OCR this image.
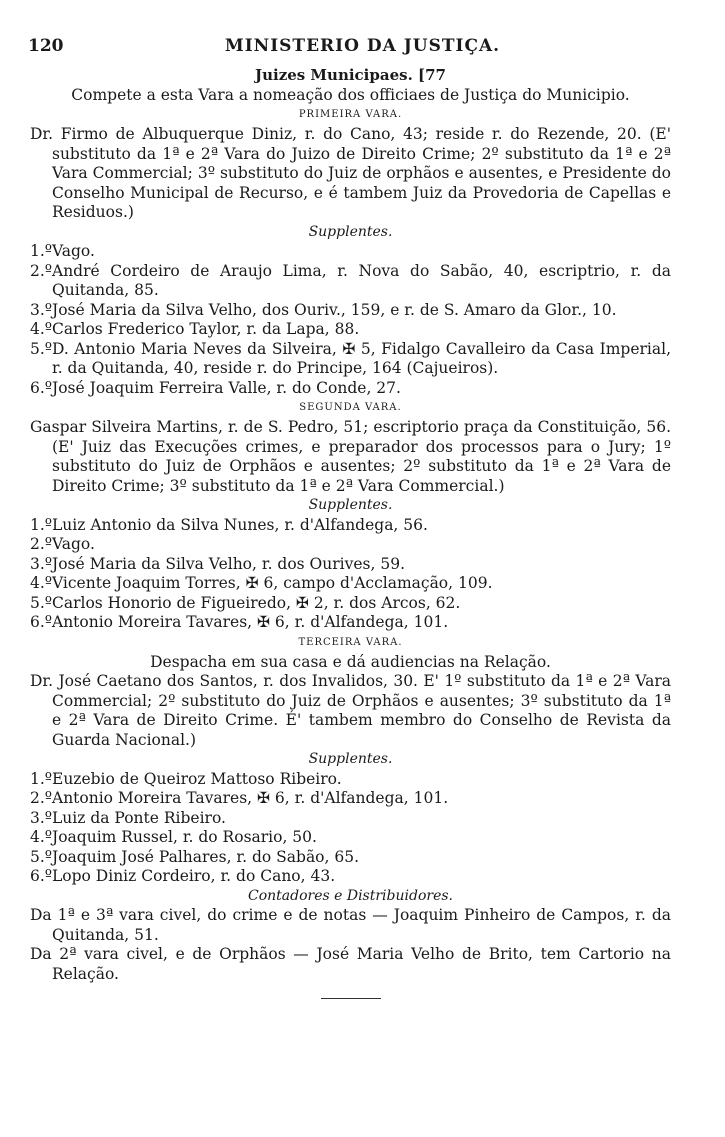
120	MINISTERIO DA JUSTIÇA.
Juizes Municipaes. [77
Compete a esta Vara a nomeação dos officiaes de Justiça do Municipio.
PRIMEIRA VARA.
Dr. Firmo de Albuquerque Diniz, r. do Cano, 43; reside r. do Rezende, 20. (E' substituto da 1ª e 2ª Vara do Juizo de Direito Crime; 2º substituto da 1ª e 2ª Vara Commercial; 3º substituto do Juiz de orphãos e ausentes, e Presidente do Conselho Municipal de Recurso, e é tambem Juiz da Provedoria de Capellas e Residuos.)
Supplentes.
1.ºVago.
2.ºAndré Cordeiro de Araujo Lima, r. Nova do Sabão, 40, escriptrio, r. da Quitanda, 85.
3.ºJosé Maria da Silva Velho, dos Ouriv., 159, e r. de S. Amaro da Glor., 10.
4.ºCarlos Frederico Taylor, r. da Lapa, 88.
5.ºD. Antonio Maria Neves da Silveira, ✠ 5, Fidalgo Cavalleiro da Casa Imperial, r. da Quitanda, 40, reside r. do Principe, 164 (Cajueiros).
6.ºJosé Joaquim Ferreira Valle, r. do Conde, 27.
SEGUNDA VARA.
Gaspar Silveira Martins, r. de S. Pedro, 51; escriptorio praça da Constituição, 56. (E' Juiz das Execuções crimes, e preparador dos processos para o Jury; 1º substituto do Juiz de Orphãos e ausentes; 2º substituto da 1ª e 2ª Vara de Direito Crime; 3º substituto da 1ª e 2ª Vara Commercial.)
Supplentes.
1.ºLuiz Antonio da Silva Nunes, r. d'Alfandega, 56.
2.ºVago.
3.ºJosé Maria da Silva Velho, r. dos Ourives, 59.
4.ºVicente Joaquim Torres, ✠ 6, campo d'Acclamação, 109.
5.ºCarlos Honorio de Figueiredo, ✠ 2, r. dos Arcos, 62.
6.ºAntonio Moreira Tavares, ✠ 6, r. d'Alfandega, 101.
TERCEIRA VARA.
Despacha em sua casa e dá audiencias na Relação.
Dr. José Caetano dos Santos, r. dos Invalidos, 30. E' 1º substituto da 1ª e 2ª Vara Commercial; 2º substituto do Juiz de Orphãos e ausentes; 3º substituto da 1ª e 2ª Vara de Direito Crime. É' tambem membro do Conselho de Revista da Guarda Nacional.)
Supplentes.
1.ºEuzebio de Queiroz Mattoso Ribeiro.
2.ºAntonio Moreira Tavares, ✠ 6, r. d'Alfandega, 101.
3.ºLuiz da Ponte Ribeiro.
4.ºJoaquim Russel, r. do Rosario, 50.
5.ºJoaquim José Palhares, r. do Sabão, 65.
6.ºLopo Diniz Cordeiro, r. do Cano, 43.
Contadores e Distribuidores.
Da 1ª e 3ª vara civel, do crime e de notas — Joaquim Pinheiro de Campos, r. da Quitanda, 51.
Da 2ª vara civel, e de Orphãos — José Maria Velho de Brito, tem Cartorio na Relação.
